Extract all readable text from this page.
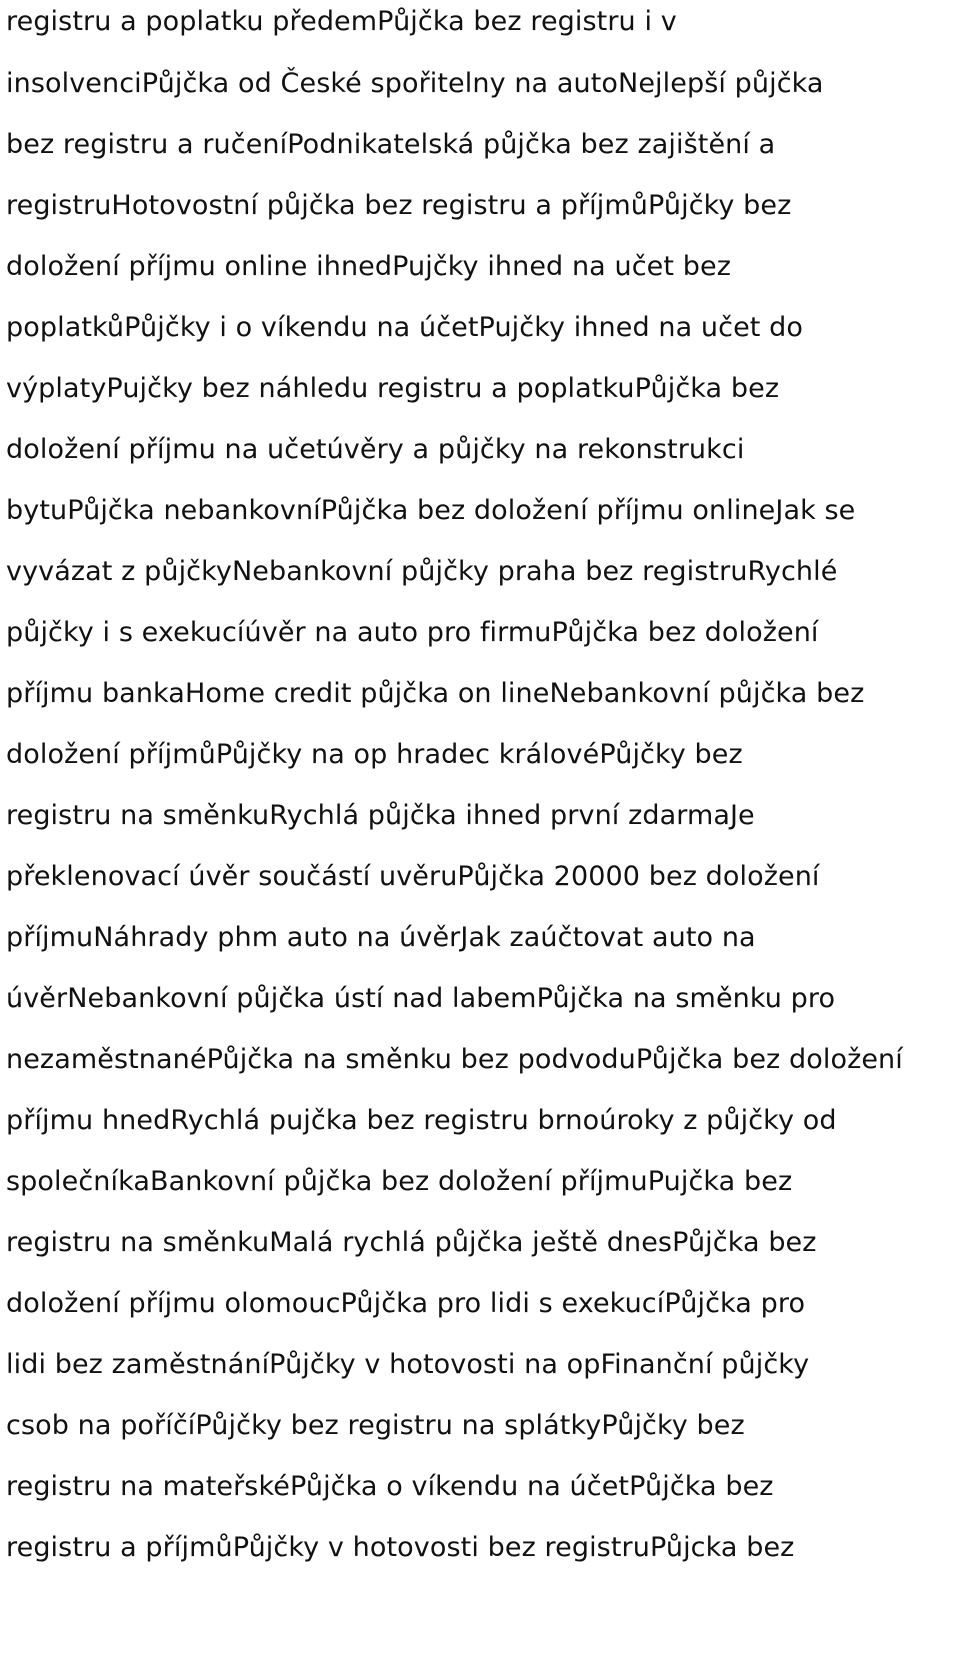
registru a poplatku předemPůjčka bez registru i v
insolvenciPůjčka od České spořitelny na autoNejlepší půjčka
bez registru a ručeníPodnikatelská půjčka bez zajištění a
registruHotovostní půjčka bez registru a příjmůPůjčky bez
doložení příjmu online ihnedPujčky ihned na učet bez
poplatkůPůjčky i o víkendu na účetPujčky ihned na učet do
výplatyPujčky bez náhledu registru a poplatkuPůjčka bez
doložení příjmu na učetúvěry a půjčky na rekonstrukci
bytuPůjčka nebankovníPůjčka bez doložení příjmu onlineJak se
vyvázat z půjčkyNebankovní půjčky praha bez registruRychlé
půjčky i s exekucíúvěr na auto pro firmuPůjčka bez doložení
příjmu bankaHome credit půjčka on lineNebankovní půjčka bez
doložení příjmůPůjčky na op hradec královéPůjčky bez
registru na směnkuRychlá půjčka ihned první zdarmaJe
překlenovací úvěr součástí uvěruPůjčka 20000 bez doložení
příjmuNáhrady phm auto na úvěrJak zaúčtovat auto na
úvěrNebankovní půjčka ústí nad labemPůjčka na směnku pro
nezaměstnanéPůjčka na směnku bez podvoduPůjčka bez doložení
příjmu hnedRychlá pujčka bez registru brnoúroky z půjčky od
společníkaBankovní půjčka bez doložení příjmuPujčka bez
registru na směnkuMalá rychlá půjčka ještě dnesPůjčka bez
doložení příjmu olomoucPůjčka pro lidi s exekucíPůjčka pro
lidi bez zaměstnáníPůjčky v hotovosti na opFinanční půjčky
csob na poříčíPůjčky bez registru na splátkyPůjčky bez
registru na mateřskéPůjčka o víkendu na účetPůjčka bez
registru a příjmůPůjčky v hotovosti bez registruPůjcka bez
